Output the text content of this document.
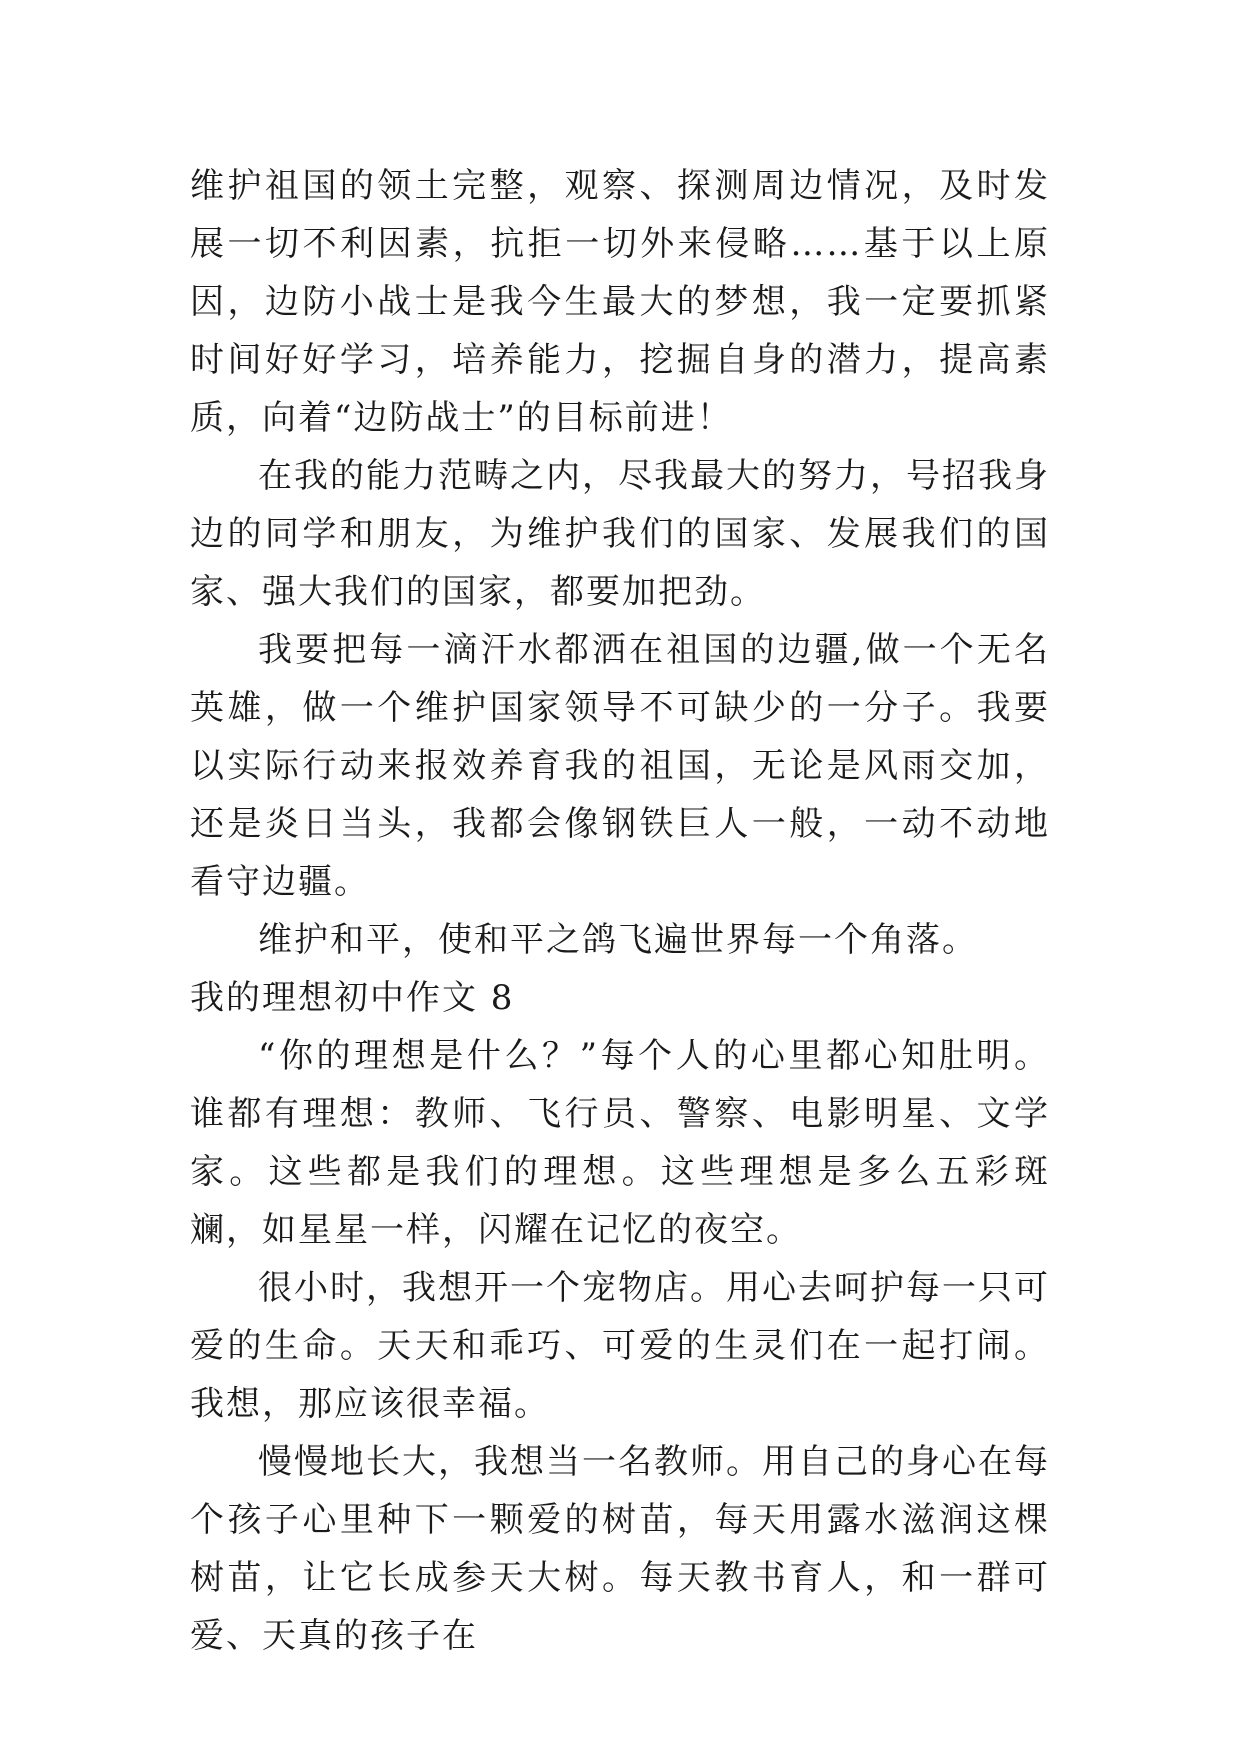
维护祖国的领土完整，观察、探测周边情况，及时发展一切不利因素，抗拒一切外来侵略……基于以上原因，边防小战士是我今生最大的梦想，我一定要抓紧时间好好学习，培养能力，挖掘自身的潜力，提高素质，向着“边防战士”的目标前进！

在我的能力范畴之内，尽我最大的努力，号招我身边的同学和朋友，为维护我们的国家、发展我们的国家、强大我们的国家，都要加把劲。

我要把每一滴汗水都洒在祖国的边疆,做一个无名英雄，做一个维护国家领导不可缺少的一分子。我要以实际行动来报效养育我的祖国，无论是风雨交加，还是炎日当头，我都会像钢铁巨人一般，一动不动地看守边疆。

维护和平，使和平之鸽飞遍世界每一个角落。

我的理想初中作文 8

“你的理想是什么？”每个人的心里都心知肚明。谁都有理想：教师、飞行员、警察、电影明星、文学家。这些都是我们的理想。这些理想是多么五彩斑斓，如星星一样，闪耀在记忆的夜空。

很小时，我想开一个宠物店。用心去呵护每一只可爱的生命。天天和乖巧、可爱的生灵们在一起打闹。我想，那应该很幸福。

慢慢地长大，我想当一名教师。用自己的身心在每个孩子心里种下一颗爱的树苗，每天用露水滋润这棵树苗，让它长成参天大树。每天教书育人，和一群可爱、天真的孩子在
